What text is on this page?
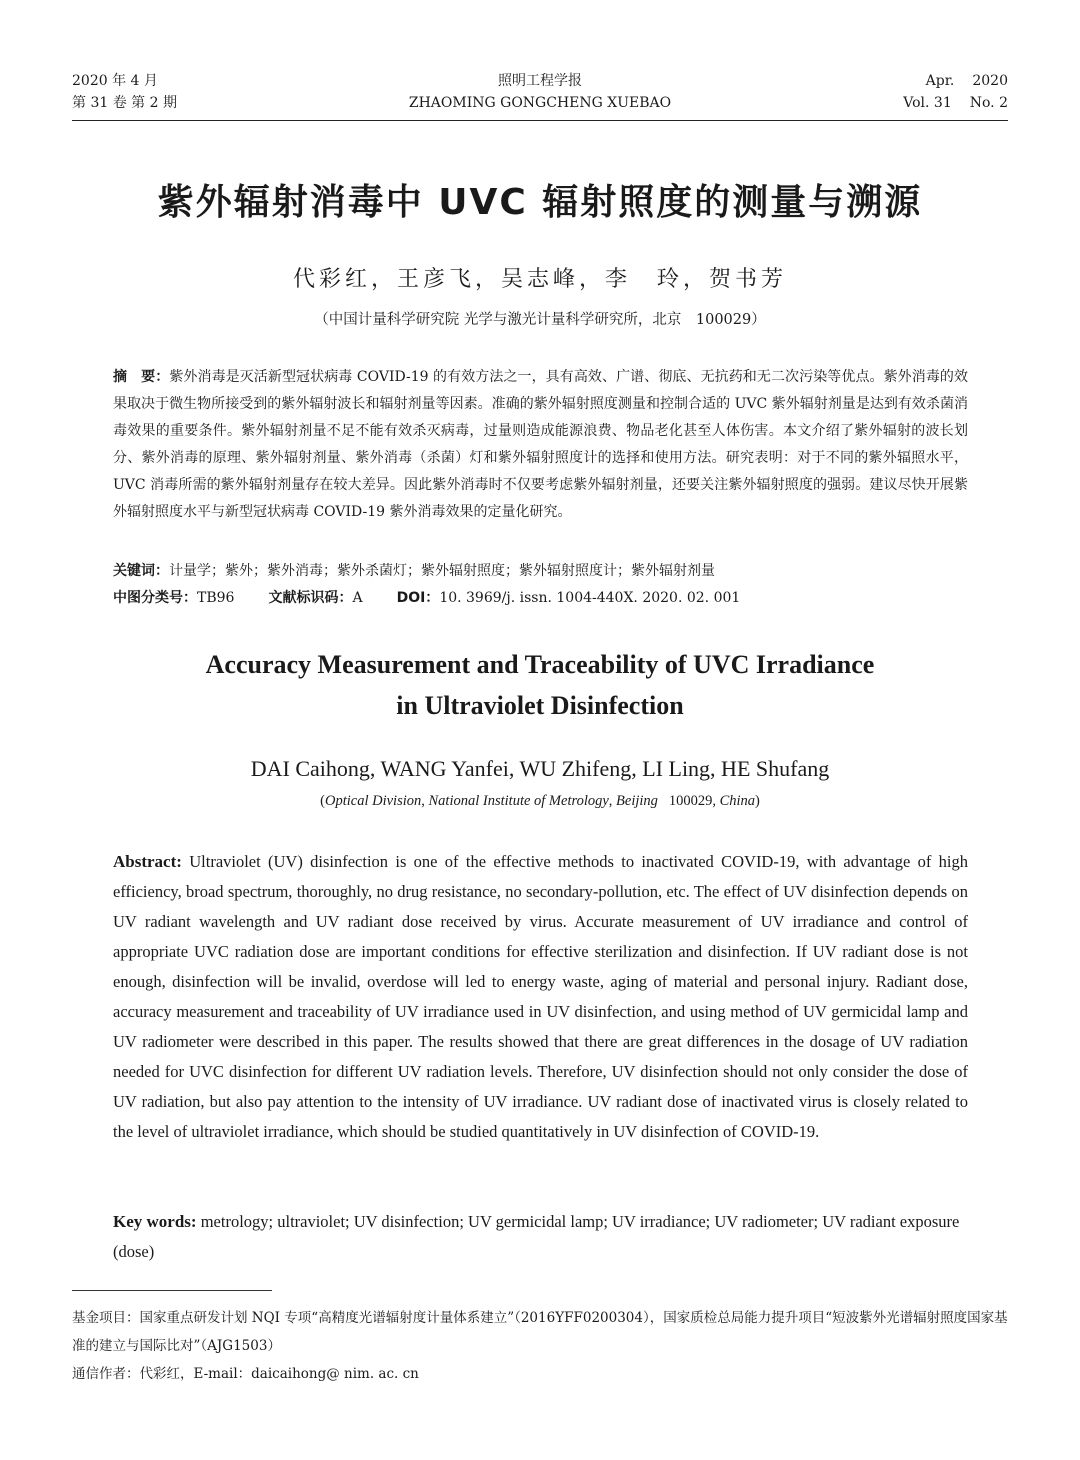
2020 年 4 月
第 31 卷 第 2 期
照明工程学报
ZHAOMING GONGCHENG XUEBAO
Apr. 2020
Vol. 31 No. 2
紫外辐射消毒中 UVC 辐射照度的测量与溯源
代彩红，王彦飞，吴志峰，李　玲，贺书芳
（中国计量科学研究院 光学与激光计量科学研究所，北京　100029）
摘　要：紫外消毒是灭活新型冠状病毒 COVID-19 的有效方法之一，具有高效、广谱、彻底、无抗药和无二次污染等优点。紫外消毒的效果取决于微生物所接受到的紫外辐射波长和辐射剂量等因素。准确的紫外辐射照度测量和控制合适的 UVC 紫外辐射剂量是达到有效杀菌消毒效果的重要条件。紫外辐射剂量不足不能有效杀灭病毒，过量则造成能源浪费、物品老化甚至人体伤害。本文介绍了紫外辐射的波长划分、紫外消毒的原理、紫外辐射剂量、紫外消毒（杀菌）灯和紫外辐射照度计的选择和使用方法。研究表明：对于不同的紫外辐照水平，UVC 消毒所需的紫外辐射剂量存在较大差异。因此紫外消毒时不仅要考虑紫外辐射剂量，还要关注紫外辐射照度的强弱。建议尽快开展紫外辐射照度水平与新型冠状病毒 COVID-19 紫外消毒效果的定量化研究。
关键词：计量学；紫外；紫外消毒；紫外杀菌灯；紫外辐射照度；紫外辐射照度计；紫外辐射剂量
中图分类号：TB96 文献标识码：A DOI：10. 3969/j. issn. 1004-440X. 2020. 02. 001
Accuracy Measurement and Traceability of UVC Irradiance
in Ultraviolet Disinfection
DAI Caihong, WANG Yanfei, WU Zhifeng, LI Ling, HE Shufang
(Optical Division, National Institute of Metrology, Beijing 100029, China)
Abstract: Ultraviolet (UV) disinfection is one of the effective methods to inactivated COVID-19, with advantage of high efficiency, broad spectrum, thoroughly, no drug resistance, no secondary-pollution, etc. The effect of UV disinfection depends on UV radiant wavelength and UV radiant dose received by virus. Accurate measurement of UV irradiance and control of appropriate UVC radiation dose are important conditions for effective sterilization and disinfection. If UV radiant dose is not enough, disinfection will be invalid, overdose will led to energy waste, aging of material and personal injury. Radiant dose, accuracy measurement and traceability of UV irradiance used in UV disinfection, and using method of UV germicidal lamp and UV radiometer were described in this paper. The results showed that there are great differences in the dosage of UV radiation needed for UVC disinfection for different UV radiation levels. Therefore, UV disinfection should not only consider the dose of UV radiation, but also pay attention to the intensity of UV irradiance. UV radiant dose of inactivated virus is closely related to the level of ultraviolet irradiance, which should be studied quantitatively in UV disinfection of COVID-19.
Key words: metrology; ultraviolet; UV disinfection; UV germicidal lamp; UV irradiance; UV radiometer; UV radiant exposure (dose)
基金项目：国家重点研发计划 NQI 专项“高精度光谱辐射度计量体系建立”（2016YFF0200304），国家质检总局能力提升项目“短波紫外光谱辐射照度国家基准的建立与国际比对”（AJG1503）
通信作者：代彩红，E-mail：daicaihong@ nim. ac. cn
